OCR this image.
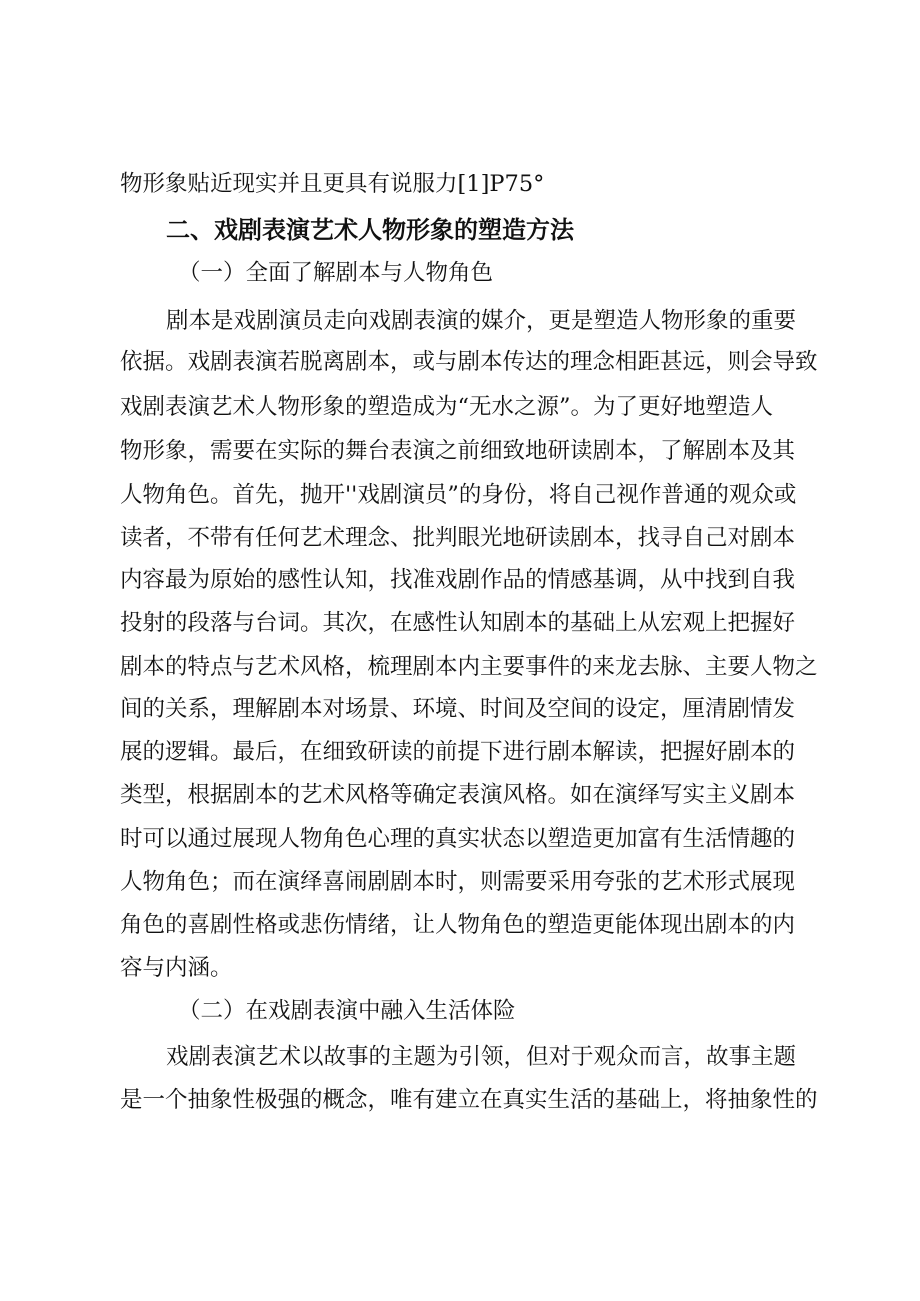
物形象贴近现实并且更具有说服力[1]P75°
二、戏剧表演艺术人物形象的塑造方法
（一）全面了解剧本与人物角色
剧本是戏剧演员走向戏剧表演的媒介，更是塑造人物形象的重要
依据。戏剧表演若脱离剧本，或与剧本传达的理念相距甚远，则会导致
戏剧表演艺术人物形象的塑造成为“无水之源”。为了更好地塑造人
物形象，需要在实际的舞台表演之前细致地研读剧本，了解剧本及其
人物角色。首先，抛开''戏剧演员”的身份，将自己视作普通的观众或
读者，不带有任何艺术理念、批判眼光地研读剧本，找寻自己对剧本
内容最为原始的感性认知，找准戏剧作品的情感基调，从中找到自我
投射的段落与台词。其次，在感性认知剧本的基础上从宏观上把握好
剧本的特点与艺术风格，梳理剧本内主要事件的来龙去脉、主要人物之
间的关系，理解剧本对场景、环境、时间及空间的设定，厘清剧情发
展的逻辑。最后，在细致研读的前提下进行剧本解读，把握好剧本的
类型，根据剧本的艺术风格等确定表演风格。如在演绎写实主义剧本
时可以通过展现人物角色心理的真实状态以塑造更加富有生活情趣的
人物角色；而在演绎喜闹剧剧本时，则需要采用夸张的艺术形式展现
角色的喜剧性格或悲伤情绪，让人物角色的塑造更能体现出剧本的内
容与内涵。
（二）在戏剧表演中融入生活体险
戏剧表演艺术以故事的主题为引领，但对于观众而言，故事主题
是一个抽象性极强的概念，唯有建立在真实生活的基础上，将抽象性的
